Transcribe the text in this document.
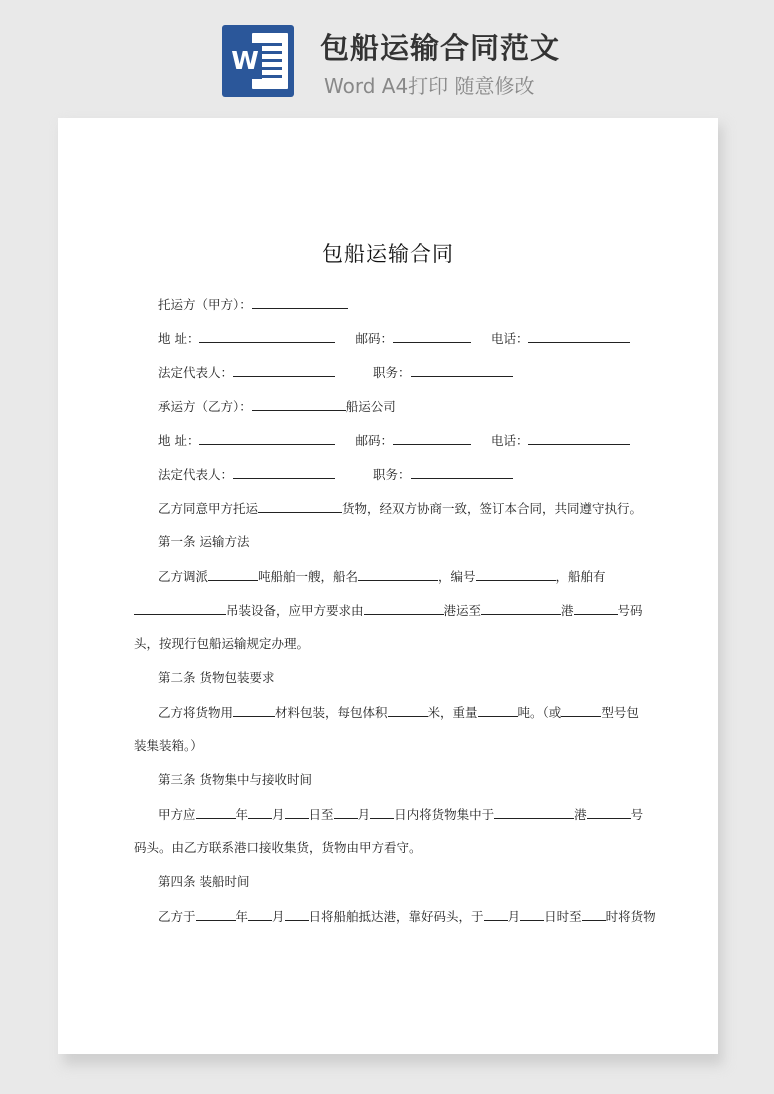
W 包船运输合同范文
Word A4打印 随意修改
包船运输合同
托运方（甲方）：
地 址：	邮码：	电话：
法定代表人：	职务：
承运方（乙方）：	船运公司
地 址：	邮码：	电话：
法定代表人：	职务：
乙方同意甲方托运	货物，经双方协商一致，签订本合同，共同遵守执行。
第一条 运输方法
乙方调派	吨船舶一艘，船名	，编号	，船舶有
吊装设备，应甲方要求由	港运至	港	号码
头，按现行包船运输规定办理。
第二条 货物包装要求
乙方将货物用	材料包装，每包体积	米，重量	吨。（或	型号包
装集装箱。）
第三条 货物集中与接收时间
甲方应	年 月 日至 月 日内将货物集中于	港	号
码头。由乙方联系港口接收集货，货物由甲方看守。
第四条 装船时间
乙方于	年 月 日将船舶抵达港，靠好码头，于 月 日时至 时将货物
